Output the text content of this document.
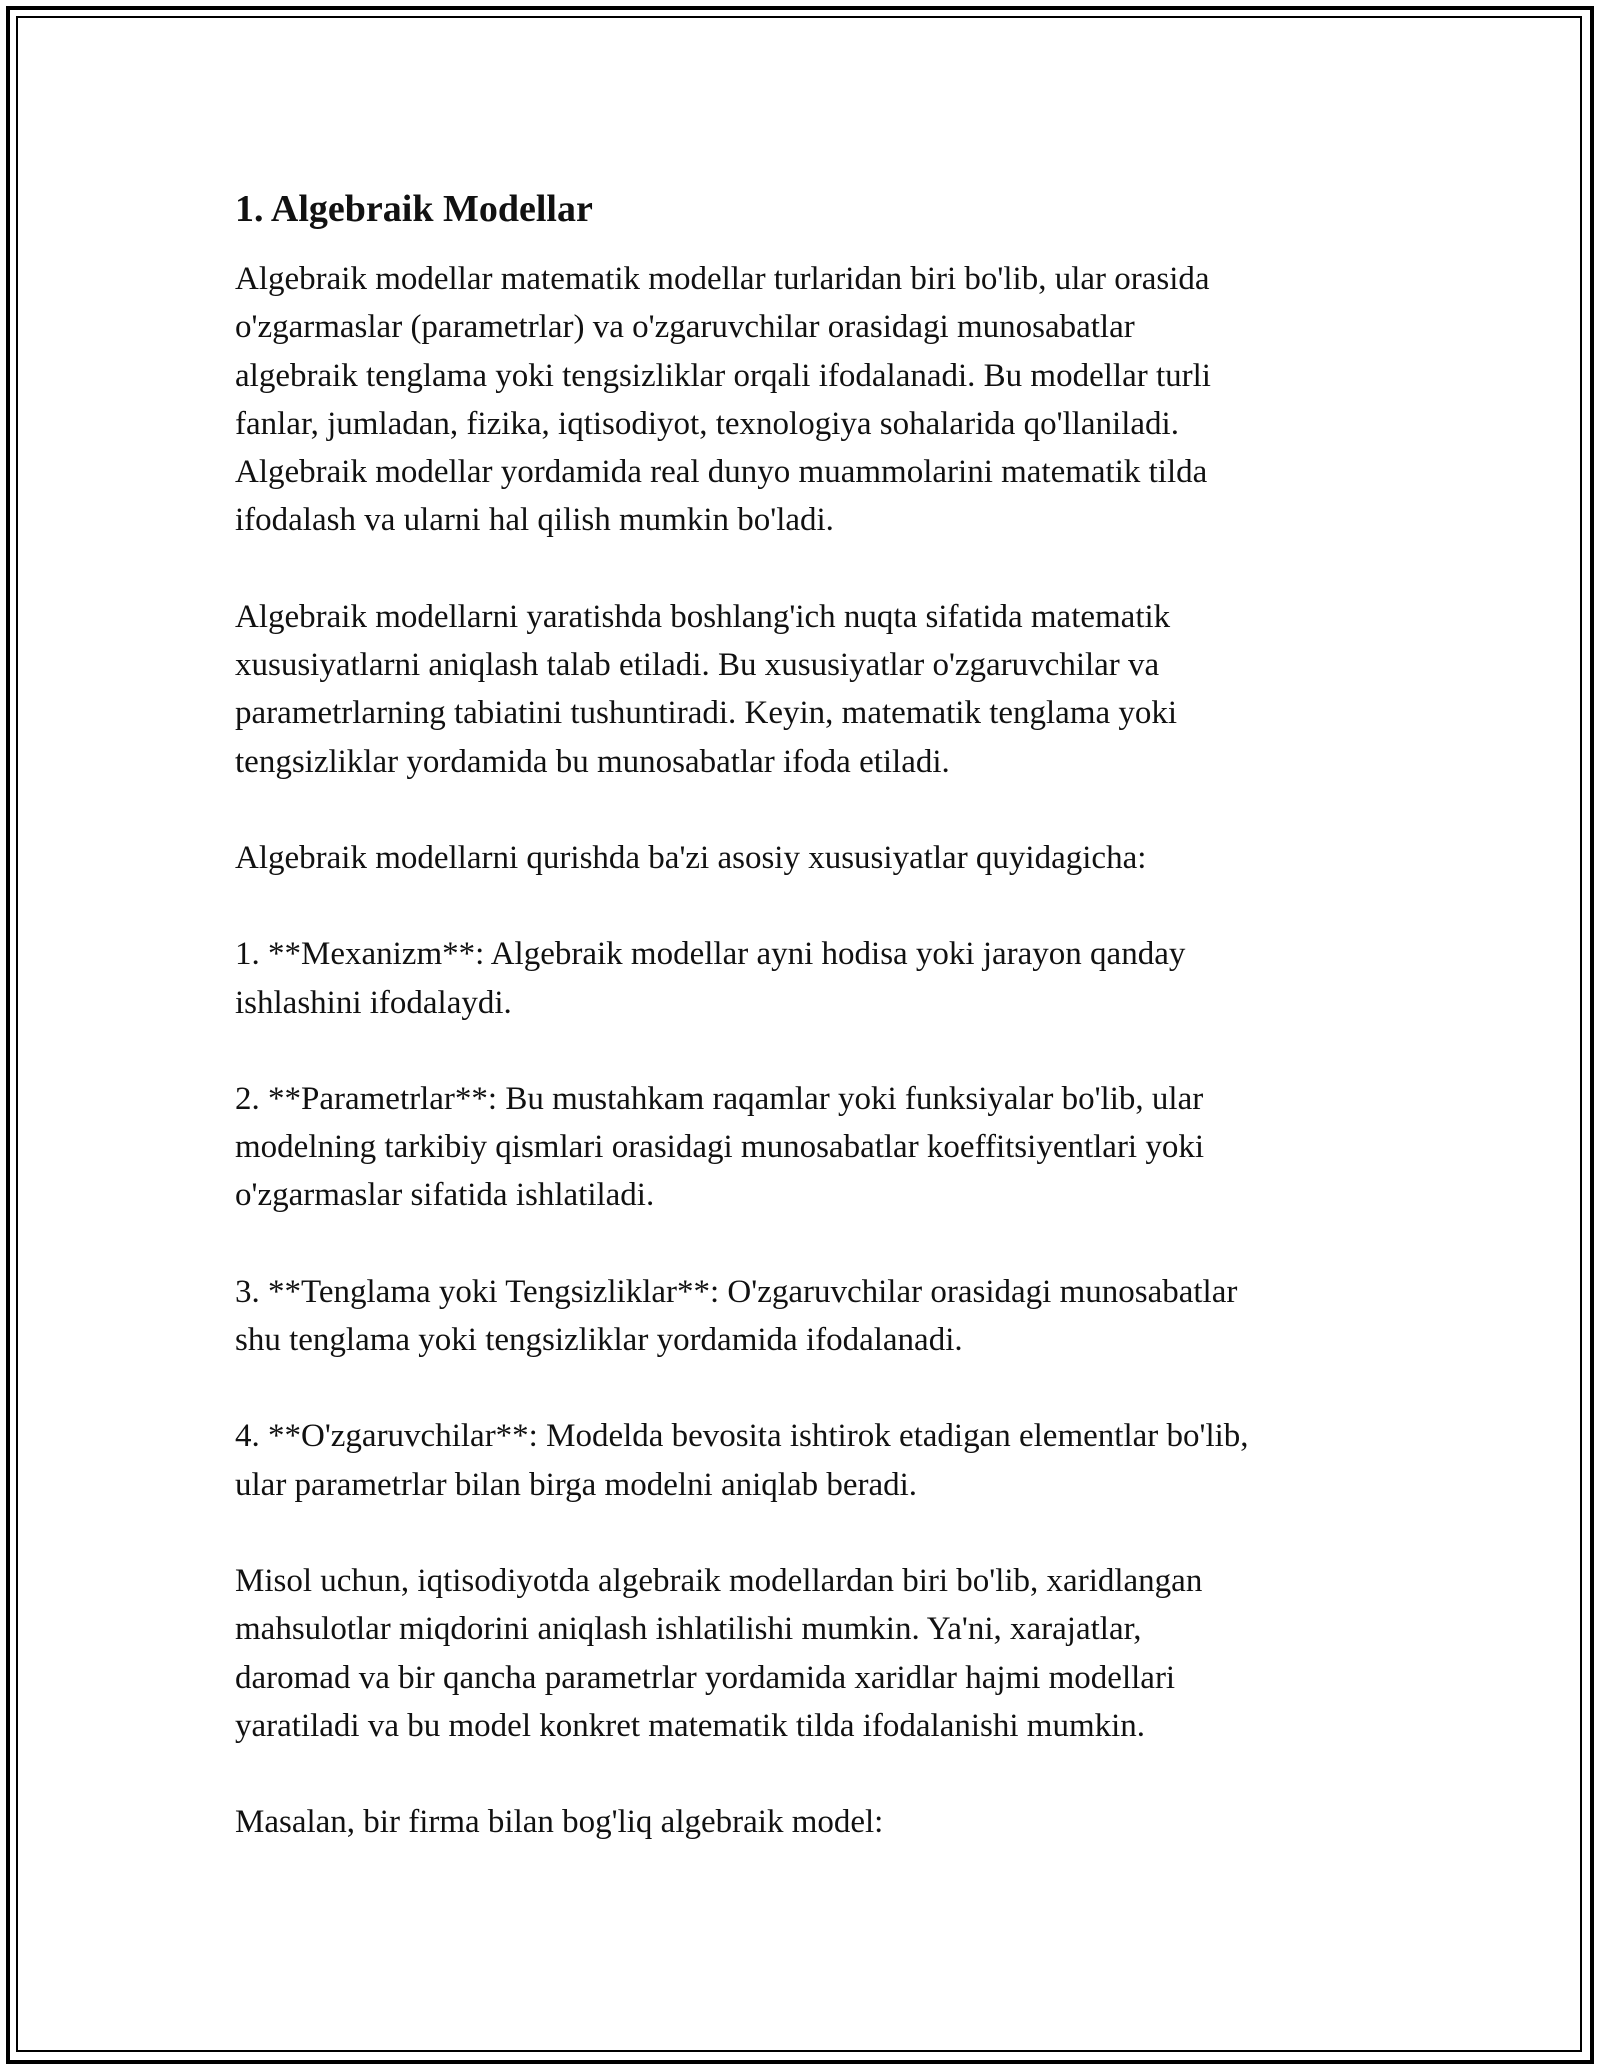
1. Algebraik Modellar

Algebraik modellar matematik modellar turlaridan biri bo'lib, ular orasida
o'zgarmaslar (parametrlar) va o'zgaruvchilar orasidagi munosabatlar
algebraik tenglama yoki tengsizliklar orqali ifodalanadi. Bu modellar turli
fanlar, jumladan, fizika, iqtisodiyot, texnologiya sohalarida qo'llaniladi.
Algebraik modellar yordamida real dunyo muammolarini matematik tilda
ifodalash va ularni hal qilish mumkin bo'ladi.

Algebraik modellarni yaratishda boshlang'ich nuqta sifatida matematik
xususiyatlarni aniqlash talab etiladi. Bu xususiyatlar o'zgaruvchilar va
parametrlarning tabiatini tushuntiradi. Keyin, matematik tenglama yoki
tengsizliklar yordamida bu munosabatlar ifoda etiladi.

Algebraik modellarni qurishda ba'zi asosiy xususiyatlar quyidagicha:

1. **Mexanizm**: Algebraik modellar ayni hodisa yoki jarayon qanday
ishlashini ifodalaydi.

2. **Parametrlar**: Bu mustahkam raqamlar yoki funksiyalar bo'lib, ular
modelning tarkibiy qismlari orasidagi munosabatlar koeffitsiyentlari yoki
o'zgarmaslar sifatida ishlatiladi.

3. **Tenglama yoki Tengsizliklar**: O'zgaruvchilar orasidagi munosabatlar
shu tenglama yoki tengsizliklar yordamida ifodalanadi.

4. **O'zgaruvchilar**: Modelda bevosita ishtirok etadigan elementlar bo'lib,
ular parametrlar bilan birga modelni aniqlab beradi.

Misol uchun, iqtisodiyotda algebraik modellardan biri bo'lib, xaridlangan
mahsulotlar miqdorini aniqlash ishlatilishi mumkin. Ya'ni, xarajatlar,
daromad va bir qancha parametrlar yordamida xaridlar hajmi modellari
yaratiladi va bu model konkret matematik tilda ifodalanishi mumkin.

Masalan, bir firma bilan bog'liq algebraik model:
